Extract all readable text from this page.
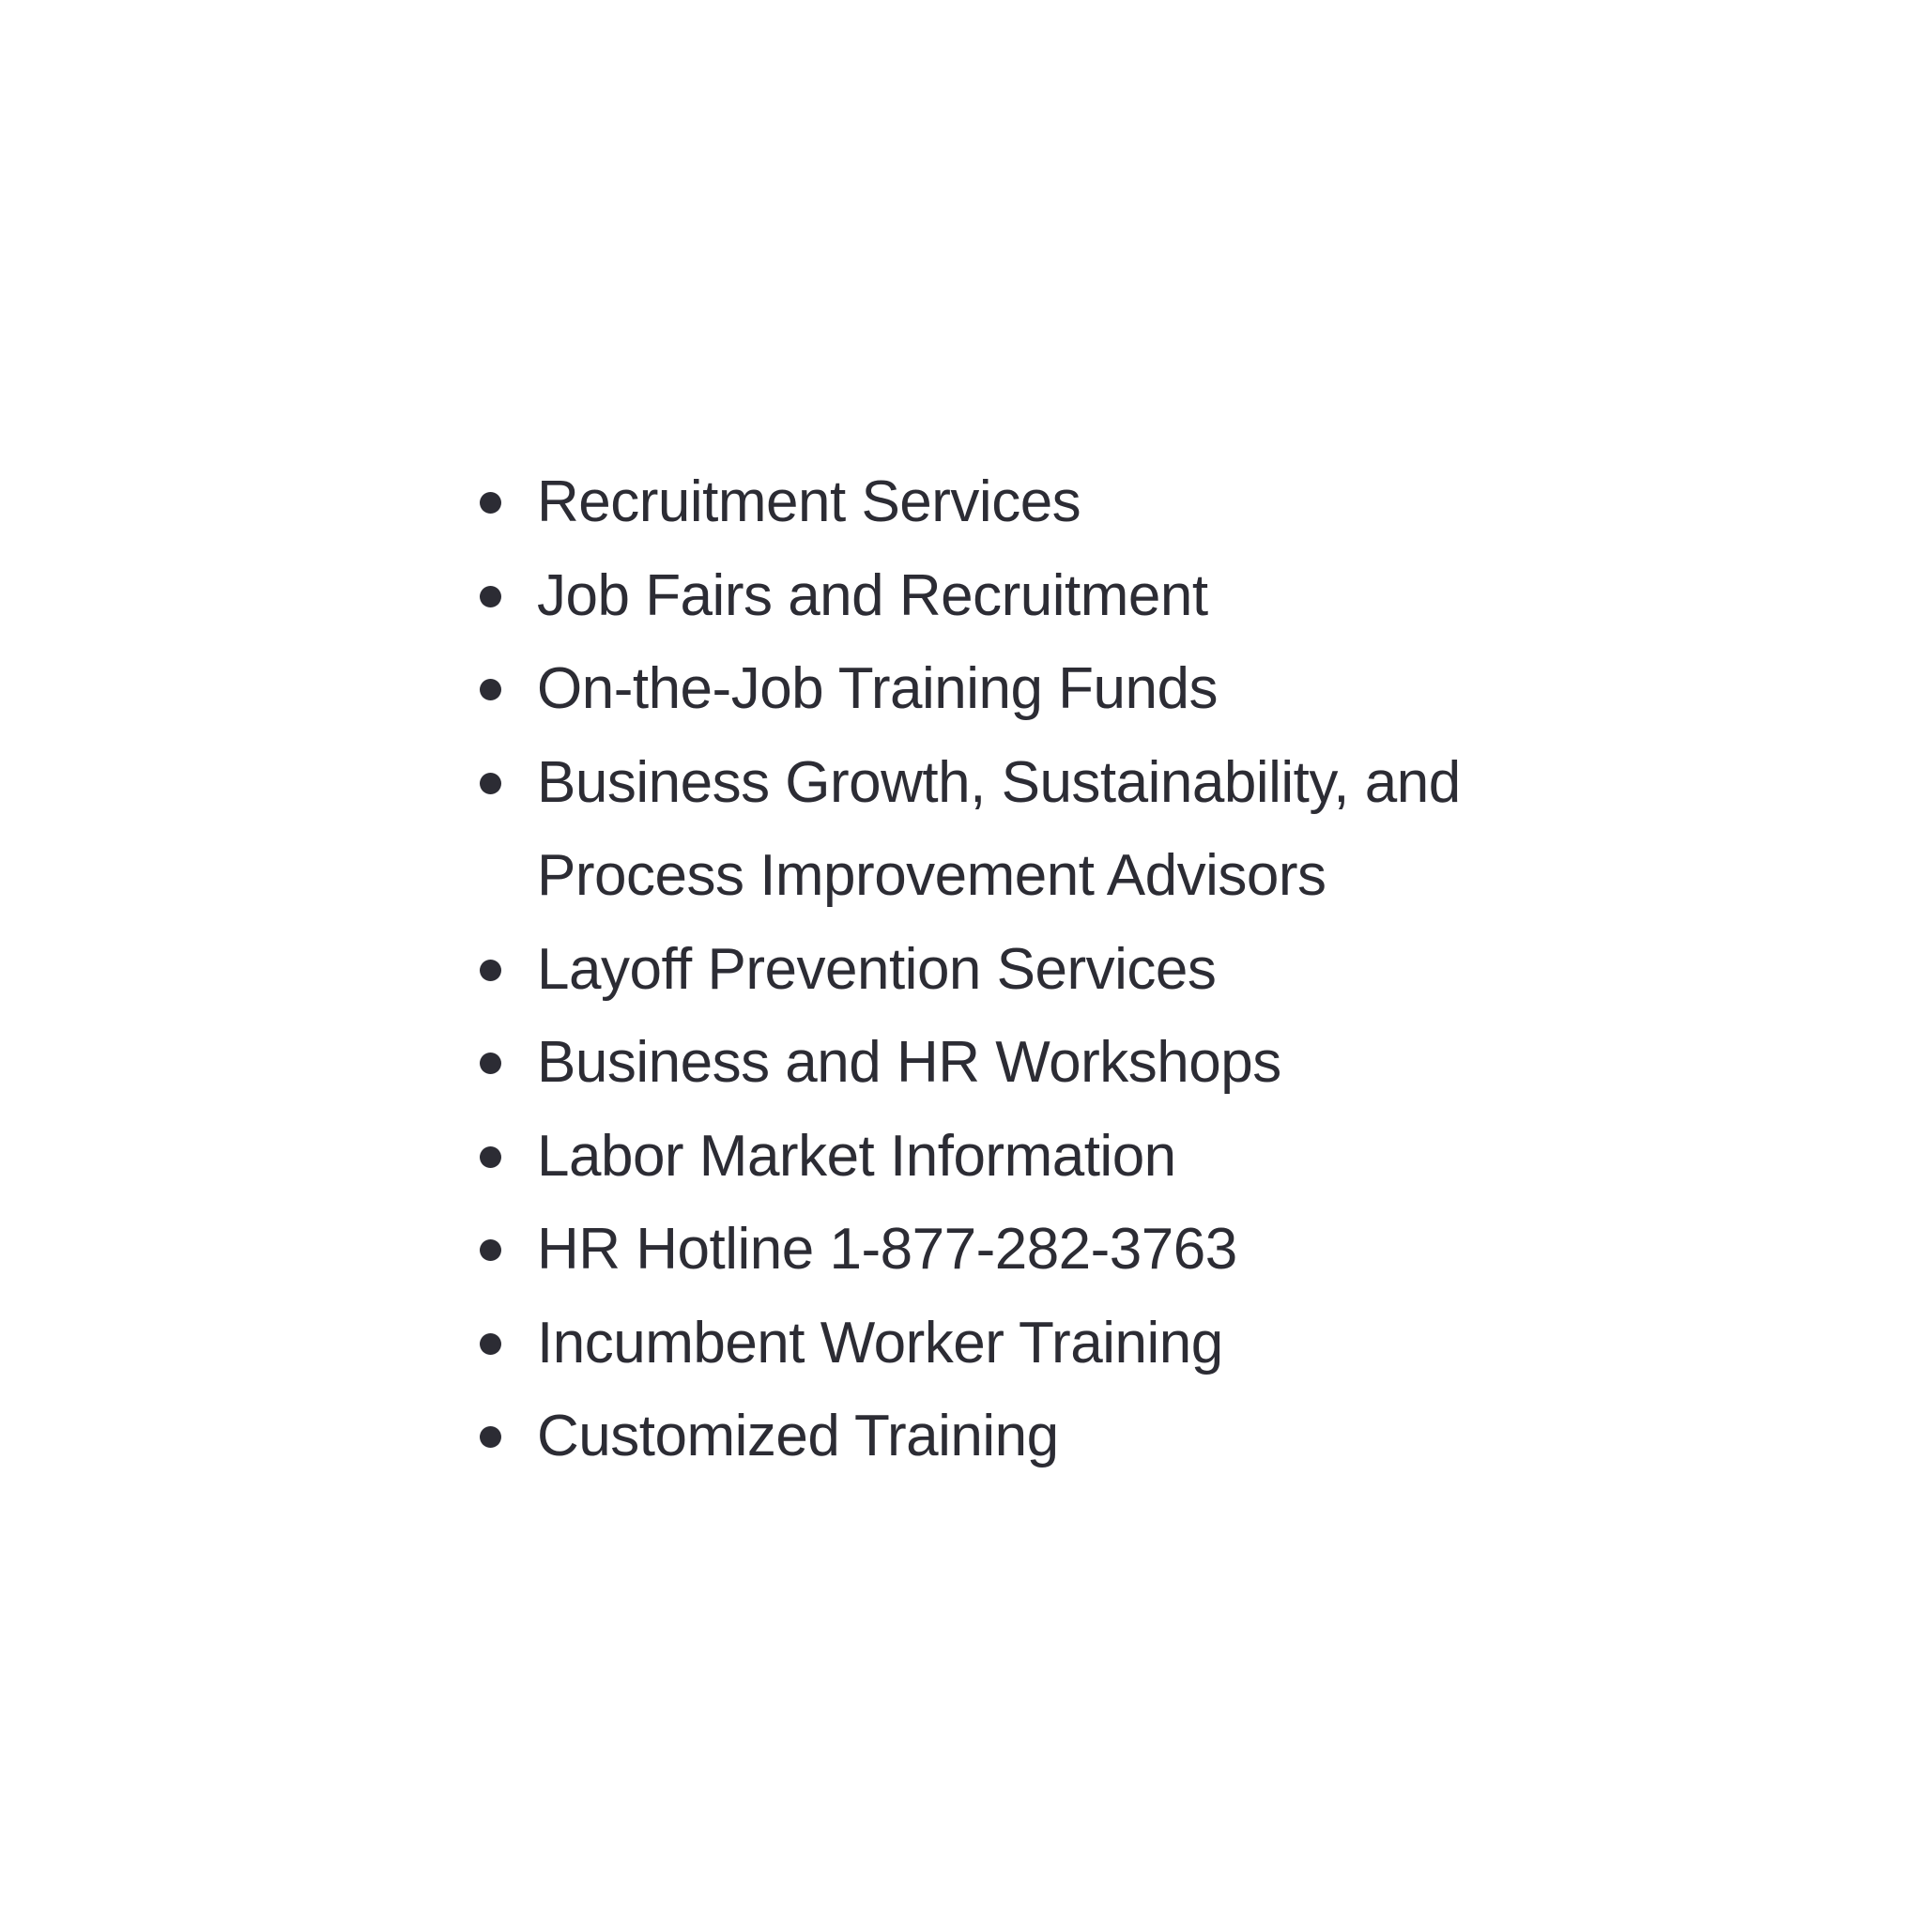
Recruitment Services
Job Fairs and Recruitment
On-the-Job Training Funds
Business Growth, Sustainability, and
Process Improvement Advisors
Layoff Prevention Services
Business and HR Workshops
Labor Market Information
HR Hotline 1-877-282-3763
Incumbent Worker Training
Customized Training
